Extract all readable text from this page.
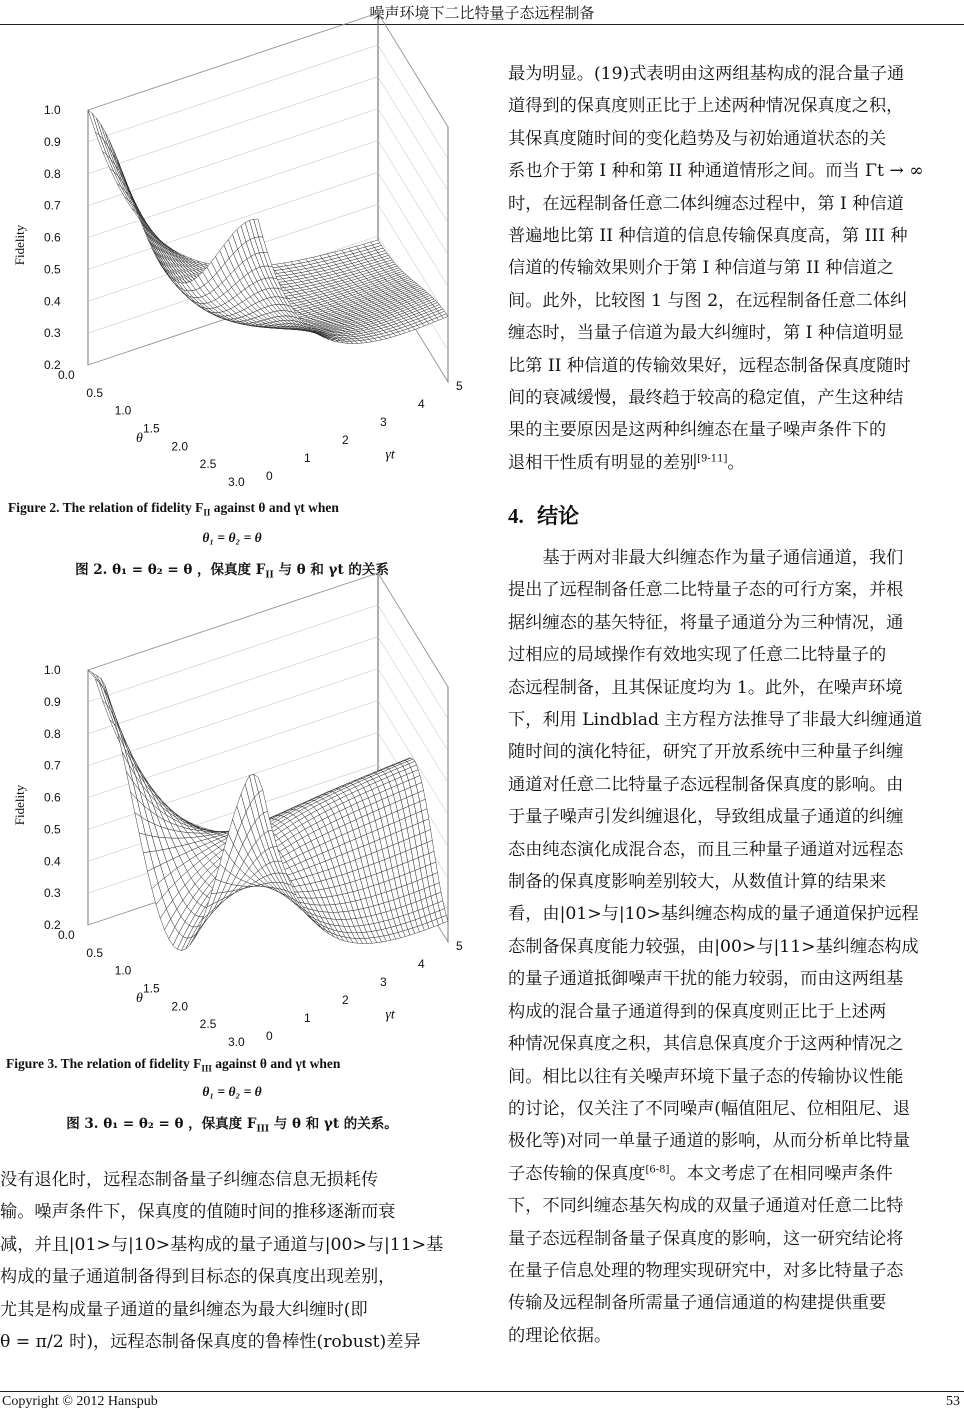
噪声环境下二比特量子态远程制备
Copyright © 2012 Hanspub	53
1.0
0.9
0.8
0.7
0.6
0.5
0.4
0.3
0.2
0.0
0.5
1.0
1.5
2.0
2.5
3.0 0
1
2
3
4
5
Fidelity
θ
γt
Figure 2. The relation of fidelity $F_{II}$ against θ and γt when
θ₁ = θ₂ = θ
图 2. θ₁ = θ₂ = θ ，保真度 $F_{II}$ 与 θ 和 γt 的关系
1.0
0.9
0.8
0.7
0.6
0.5
0.4
0.3
0.2
0.0
0.5
1.0
1.5
2.0
2.5
3.0 0
1
2
3
4
5
Fidelity
θ
γt
Figure 3. The relation of fidelity $F_{III}$ against θ and γt when
θ₁ = θ₂ = θ
图 3. θ₁ = θ₂ = θ ，保真度 $F_{III}$ 与 θ 和 γt 的关系。

没有退化时，远程态制备量子纠缠态信息无损耗传

输。噪声条件下，保真度的值随时间的推移逐渐而衰

减，并且|01>与|10>基构成的量子通道与|00>与|11>基

构成的量子通道制备得到目标态的保真度出现差别，

尤其是构成量子通道的量纠缠态为最大纠缠时(即

θ = π/2 时)，远程态制备保真度的鲁棒性(robust)差异

最为明显。(19)式表明由这两组基构成的混合量子通

道得到的保真度则正比于上述两种情况保真度之积，

其保真度随时间的变化趋势及与初始通道状态的关

系也介于第 I 种和第 II 种通道情形之间。而当 Γt → ∞

时，在远程制备任意二体纠缠态过程中，第 I 种信道

普遍地比第 II 种信道的信息传输保真度高，第 III 种

信道的传输效果则介于第 I 种信道与第 II 种信道之

间。此外，比较图 1 与图 2，在远程制备任意二体纠

缠态时，当量子信道为最大纠缠时，第 I 种信道明显

比第 II 种信道的传输效果好，远程态制备保真度随时

间的衰减缓慢，最终趋于较高的稳定值，产生这种结

果的主要原因是这两种纠缠态在量子噪声条件下的

退相干性质有明显的差别[9-11]。

4. 结论

　　基于两对非最大纠缠态作为量子通信通道，我们

提出了远程制备任意二比特量子态的可行方案，并根

据纠缠态的基矢特征，将量子通道分为三种情况，通

过相应的局域操作有效地实现了任意二比特量子的

态远程制备，且其保证度均为 1。此外，在噪声环境

下，利用 Lindblad 主方程方法推导了非最大纠缠通道

随时间的演化特征，研究了开放系统中三种量子纠缠

通道对任意二比特量子态远程制备保真度的影响。由

于量子噪声引发纠缠退化，导致组成量子通道的纠缠

态由纯态演化成混合态，而且三种量子通道对远程态

制备的保真度影响差别较大，从数值计算的结果来

看，由|01>与|10>基纠缠态构成的量子通道保护远程

态制备保真度能力较强，由|00>与|11>基纠缠态构成

的量子通道抵御噪声干扰的能力较弱，而由这两组基

构成的混合量子通道得到的保真度则正比于上述两

种情况保真度之积，其信息保真度介于这两种情况之

间。相比以往有关噪声环境下量子态的传输协议性能

的讨论，仅关注了不同噪声(幅值阻尼、位相阻尼、退

极化等)对同一单量子通道的影响，从而分析单比特量

子态传输的保真度[6-8]。本文考虑了在相同噪声条件

下，不同纠缠态基矢构成的双量子通道对任意二比特

量子态远程制备量子保真度的影响，这一研究结论将

在量子信息处理的物理实现研究中，对多比特量子态

传输及远程制备所需量子通信通道的构建提供重要

的理论依据。
